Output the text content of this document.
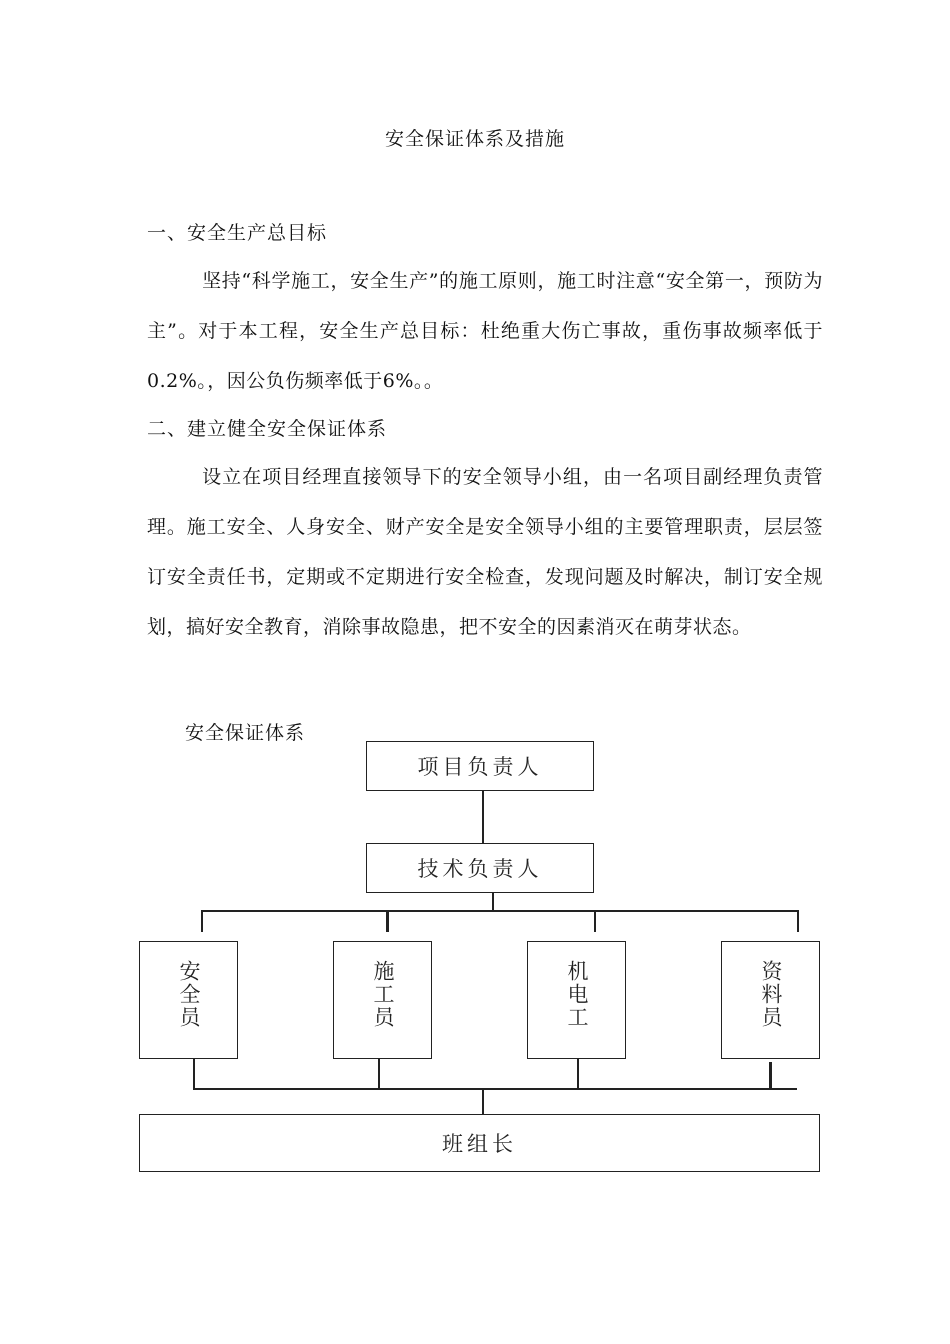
安全保证体系及措施
一、安全生产总目标
坚持“科学施工，安全生产”的施工原则，施工时注意“安全第一，预防为主”。对于本工程，安全生产总目标：杜绝重大伤亡事故，重伤事故频率低于0.2%。，因公负伤频率低于6%。。
二、建立健全安全保证体系
设立在项目经理直接领导下的安全领导小组，由一名项目副经理负责管理。施工安全、人身安全、财产安全是安全领导小组的主要管理职责，层层签订安全责任书，定期或不定期进行安全检查，发现问题及时解决，制订安全规划，搞好安全教育，消除事故隐患，把不安全的因素消灭在萌芽状态。
安全保证体系
项目负责人
技术负责人
安全员	施工员	机电工	资料员
班组长
